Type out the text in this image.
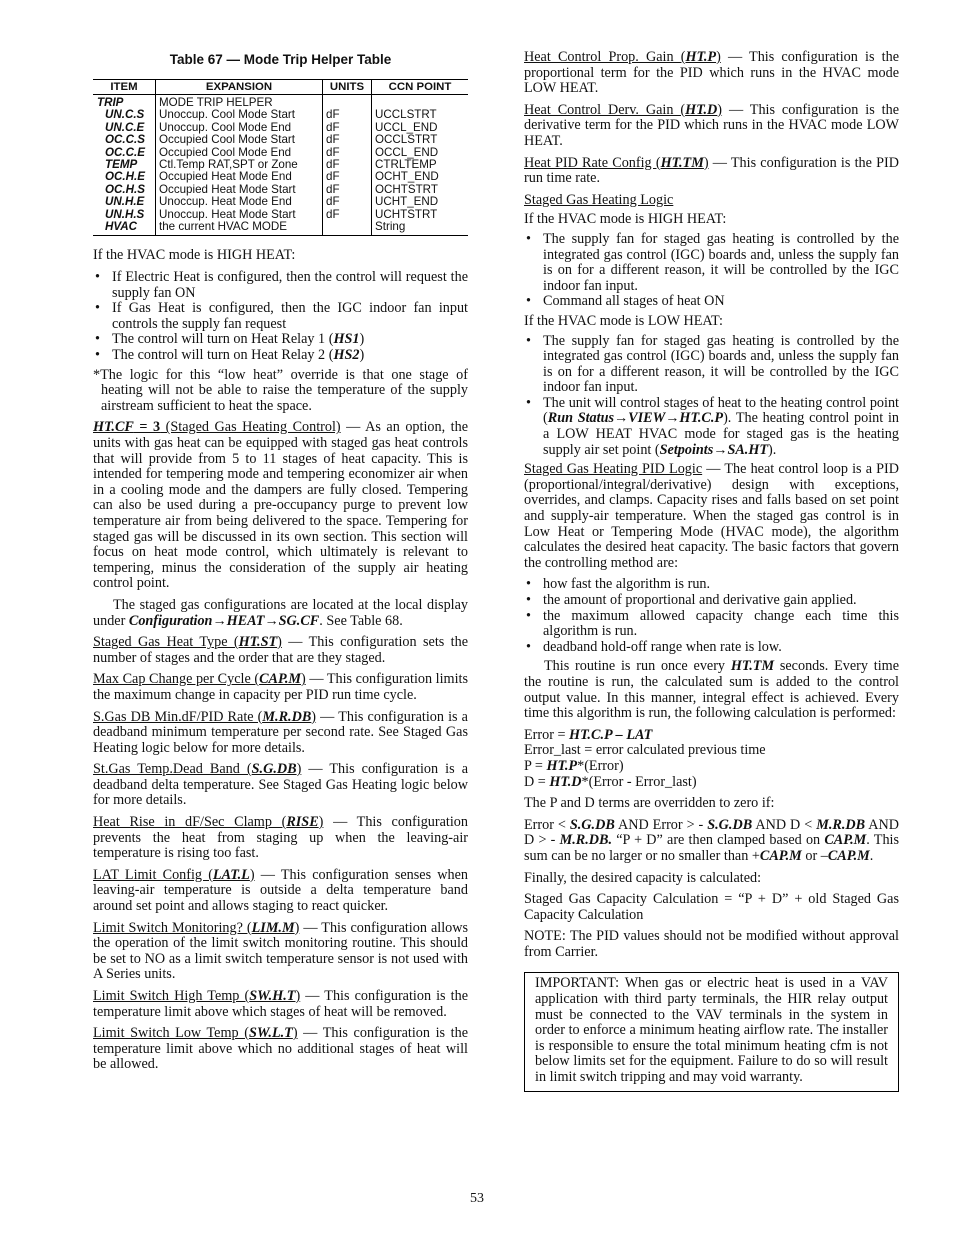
Table 67 — Mode Trip Helper Table
ITEM	EXPANSION	UNITS	CCN POINT
TRIP	MODE TRIP HELPER		
UN.C.S	Unoccup. Cool Mode Start	dF	UCCLSTRT
UN.C.E	Unoccup. Cool Mode End	dF	UCCL_END
OC.C.S	Occupied Cool Mode Start	dF	OCCLSTRT
OC.C.E	Occupied Cool Mode End	dF	OCCL_END
TEMP	Ctl.Temp RAT,SPT or Zone	dF	CTRLTEMP
OC.H.E	Occupied Heat Mode End	dF	OCHT_END
OC.H.S	Occupied Heat Mode Start	dF	OCHTSTRT
UN.H.E	Unoccup. Heat Mode End	dF	UCHT_END
UN.H.S	Unoccup. Heat Mode Start	dF	UCHTSTRT
HVAC	the current HVAC MODE		String

If the HVAC mode is HIGH HEAT:

• If Electric Heat is configured, then the control will request the supply fan ON
• If Gas Heat is configured, then the IGC indoor fan input controls the supply fan request
• The control will turn on Heat Relay 1 (HS1)
• The control will turn on Heat Relay 2 (HS2)

*The logic for this “low heat” override is that one stage of heating will not be able to raise the temperature of the supply airstream sufficient to heat the space.

HT.CF = 3 (Staged Gas Heating Control) — As an option, the units with gas heat can be equipped with staged gas heat controls that will provide from 5 to 11 stages of heat capacity. This is intended for tempering mode and tempering economizer air when in a cooling mode and the dampers are fully closed. Tempering can also be used during a pre-occupancy purge to prevent low temperature air from being delivered to the space. Tempering for staged gas will be discussed in its own section. This section will focus on heat mode control, which ultimately is relevant to tempering, minus the consideration of the supply air heating control point.

The staged gas configurations are located at the local display under Configuration→HEAT→SG.CF. See Table 68.

Staged Gas Heat Type (HT.ST) — This configuration sets the number of stages and the order that are they staged.

Max Cap Change per Cycle (CAP.M) — This configuration limits the maximum change in capacity per PID run time cycle.

S.Gas DB Min.dF/PID Rate (M.R.DB) — This configuration is a deadband minimum temperature per second rate. See Staged Gas Heating logic below for more details.

St.Gas Temp.Dead Band (S.G.DB) — This configuration is a deadband delta temperature. See Staged Gas Heating logic below for more details.

Heat Rise in dF/Sec Clamp (RISE) — This configuration prevents the heat from staging up when the leaving-air temperature is rising too fast.

LAT Limit Config (LAT.L) — This configuration senses when leaving-air temperature is outside a delta temperature band around set point and allows staging to react quicker.

Limit Switch Monitoring? (LIM.M) — This configuration allows the operation of the limit switch monitoring routine. This should be set to NO as a limit switch temperature sensor is not used with A Series units.

Limit Switch High Temp (SW.H.T) — This configuration is the temperature limit above which stages of heat will be removed.

Limit Switch Low Temp (SW.L.T) — This configuration is the temperature limit above which no additional stages of heat will be allowed.

Heat Control Prop. Gain (HT.P) — This configuration is the proportional term for the PID which runs in the HVAC mode LOW HEAT.

Heat Control Derv. Gain (HT.D) — This configuration is the derivative term for the PID which runs in the HVAC mode LOW HEAT.

Heat PID Rate Config (HT.TM) — This configuration is the PID run time rate.

Staged Gas Heating Logic

If the HVAC mode is HIGH HEAT:

• The supply fan for staged gas heating is controlled by the integrated gas control (IGC) boards and, unless the supply fan is on for a different reason, it will be controlled by the IGC indoor fan input.
• Command all stages of heat ON

If the HVAC mode is LOW HEAT:

• The supply fan for staged gas heating is controlled by the integrated gas control (IGC) boards and, unless the supply fan is on for a different reason, it will be controlled by the IGC indoor fan input.
• The unit will control stages of heat to the heating control point (Run Status→VIEW→HT.C.P). The heating control point in a LOW HEAT HVAC mode for staged gas is the heating supply air set point (Setpoints→SA.HT).

Staged Gas Heating PID Logic — The heat control loop is a PID (proportional/integral/derivative) design with exceptions, overrides, and clamps. Capacity rises and falls based on set point and supply-air temperature. When the staged gas control is in Low Heat or Tempering Mode (HVAC mode), the algorithm calculates the desired heat capacity. The basic factors that govern the controlling method are:

• how fast the algorithm is run.
• the amount of proportional and derivative gain applied.
• the maximum allowed capacity change each time this algorithm is run.
• deadband hold-off range when rate is low.

This routine is run once every HT.TM seconds. Every time the routine is run, the calculated sum is added to the control output value. In this manner, integral effect is achieved. Every time this algorithm is run, the following calculation is performed:

Error = HT.C.P – LAT

Error_last = error calculated previous time

P = HT.P*(Error)

D = HT.D*(Error - Error_last)

The P and D terms are overridden to zero if:

Error < S.G.DB AND Error > - S.G.DB AND D < M.R.DB AND D > - M.R.DB. “P + D” are then clamped based on CAP.M. This sum can be no larger or no smaller than +CAP.M or –CAP.M.

Finally, the desired capacity is calculated:

Staged Gas Capacity Calculation = “P + D” + old Staged Gas Capacity Calculation

NOTE: The PID values should not be modified without approval from Carrier.

IMPORTANT: When gas or electric heat is used in a VAV application with third party terminals, the HIR relay output must be connected to the VAV terminals in the system in order to enforce a minimum heating airflow rate. The installer is responsible to ensure the total minimum heating cfm is not below limits set for the equipment. Failure to do so will result in limit switch tripping and may void warranty.

53
